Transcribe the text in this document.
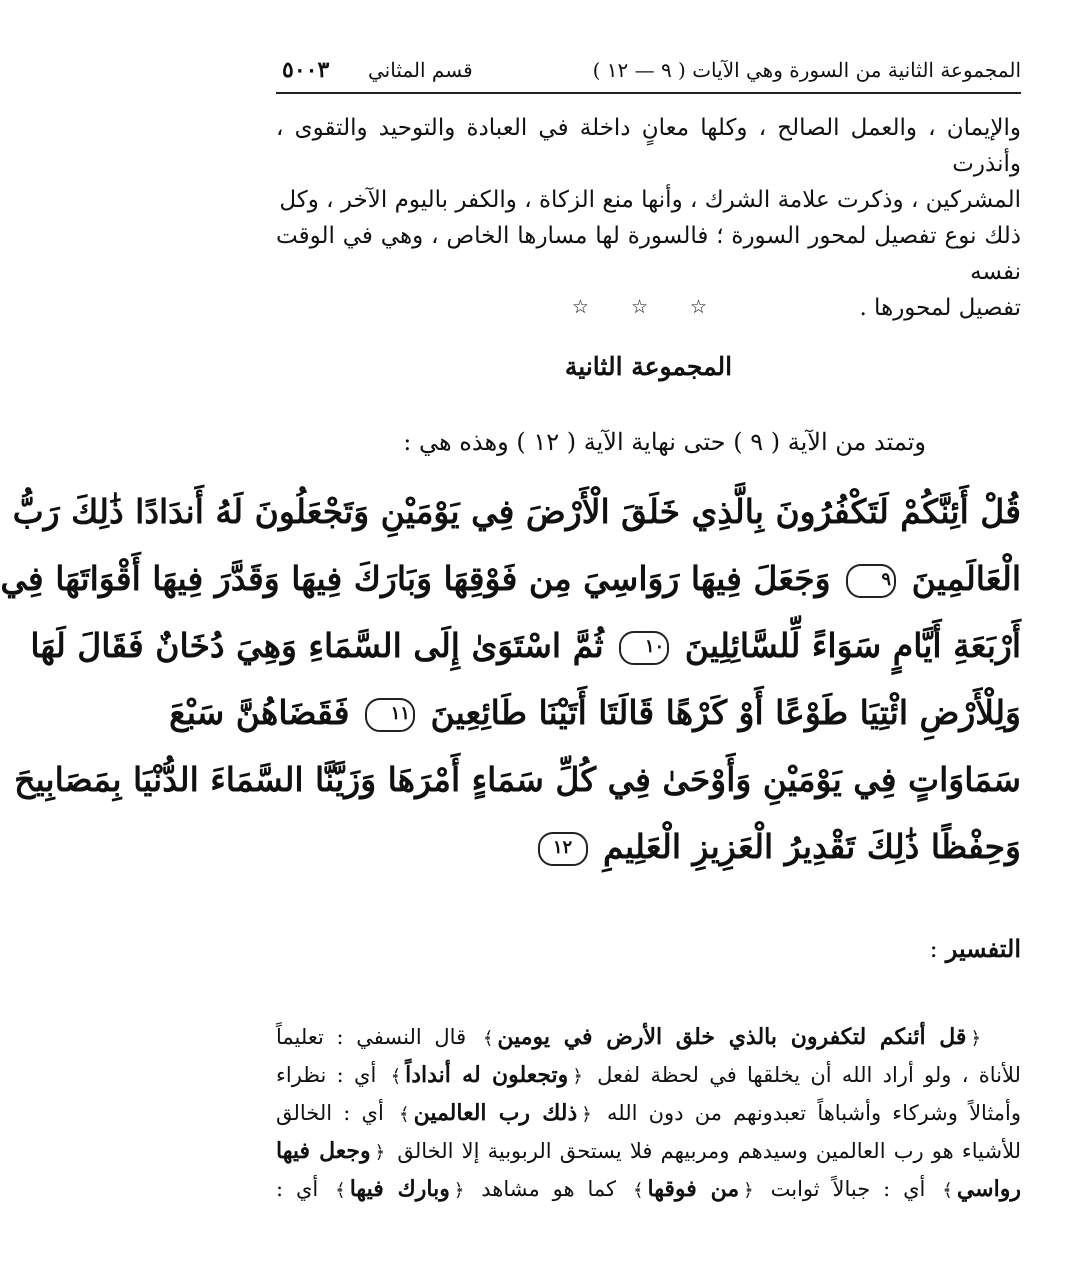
المجموعة الثانية من السورة وهي الآيات ( ٩ — ١٢ )
قسم المثاني
٥٠٠٣
والإيمان ، والعمل الصالح ، وكلها معانٍ داخلة في العبادة والتوحيد والتقوى ، وأنذرت
المشركين ، وذكرت علامة الشرك ، وأنها منع الزكاة ، والكفر باليوم الآخر ، وكل
ذلك نوع تفصيل لمحور السورة ؛ فالسورة لها مسارها الخاص ، وهي في الوقت نفسه
تفصيل لمحورها .
☆ ☆ ☆
المجموعة الثانية
وتمتد من الآية ( ٩ ) حتى نهاية الآية ( ١٢ ) وهذه هي :
قُلْ أَئِنَّكُمْ لَتَكْفُرُونَ بِالَّذِي خَلَقَ الْأَرْضَ فِي يَوْمَيْنِ وَتَجْعَلُونَ لَهُ أَندَادًا ذَٰلِكَ رَبُّ
الْعَالَمِينَ ٩ وَجَعَلَ فِيهَا رَوَاسِيَ مِن فَوْقِهَا وَبَارَكَ فِيهَا وَقَدَّرَ فِيهَا أَقْوَاتَهَا فِي
أَرْبَعَةِ أَيَّامٍ سَوَاءً لِّلسَّائِلِينَ ١٠ ثُمَّ اسْتَوَىٰ إِلَى السَّمَاءِ وَهِيَ دُخَانٌ فَقَالَ لَهَا
وَلِلْأَرْضِ ائْتِيَا طَوْعًا أَوْ كَرْهًا قَالَتَا أَتَيْنَا طَائِعِينَ ١١ فَقَضَاهُنَّ سَبْعَ
سَمَاوَاتٍ فِي يَوْمَيْنِ وَأَوْحَىٰ فِي كُلِّ سَمَاءٍ أَمْرَهَا وَزَيَّنَّا السَّمَاءَ الدُّنْيَا بِمَصَابِيحَ
وَحِفْظًا ذَٰلِكَ تَقْدِيرُ الْعَزِيزِ الْعَلِيمِ ١٢
التفسير:
﴿قل أئنكم لتكفرون بالذي خلق الأرض في يومين﴾ قال النسفي : تعليماً
للأناة ، ولو أراد الله أن يخلقها في لحظة لفعل ﴿وتجعلون له أنداداً﴾ أي : نظراء
وأمثالاً وشركاء وأشباهاً تعبدونهم من دون الله ﴿ذلك رب العالمين﴾ أي : الخالق
للأشياء هو رب العالمين وسيدهم ومربيهم فلا يستحق الربوبية إلا الخالق ﴿وجعل فيها
رواسي﴾ أي : جبالاً ثوابت ﴿من فوقها﴾ كما هو مشاهد ﴿وبارك فيها﴾ أي :
